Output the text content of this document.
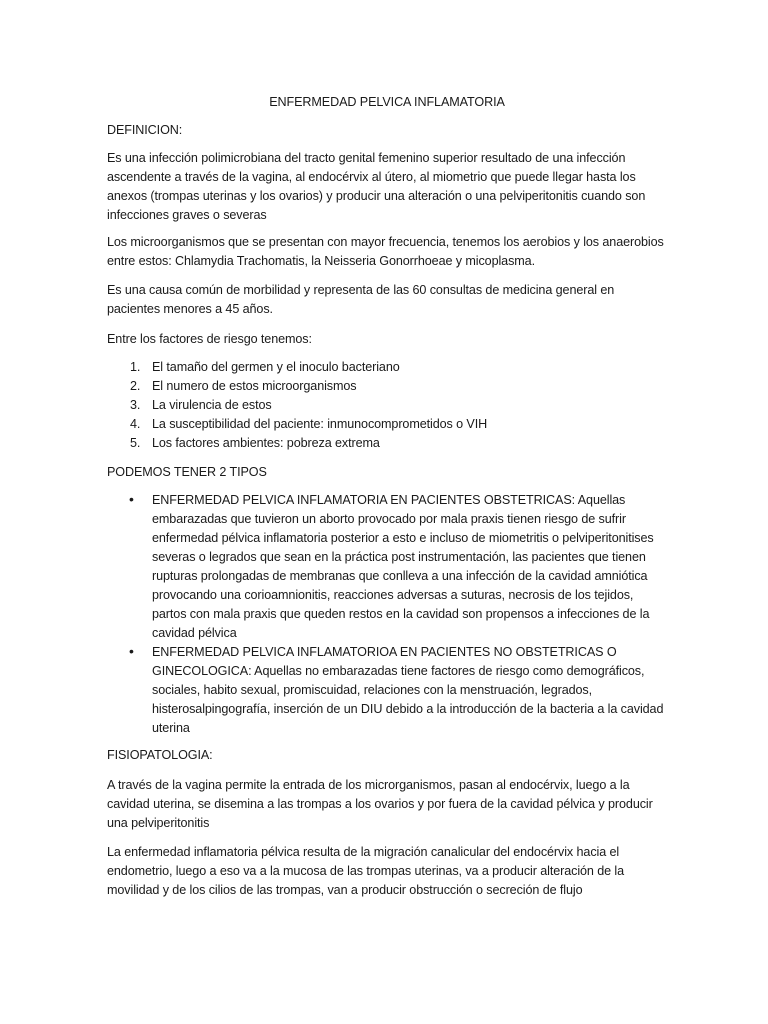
ENFERMEDAD PELVICA INFLAMATORIA

DEFINICION:

Es una infección polimicrobiana del tracto genital femenino superior resultado de una infección ascendente a través de la vagina, al endocérvix al útero, al miometrio que puede llegar hasta los anexos (trompas uterinas y los ovarios) y producir una alteración o una pelviperitonitis cuando son infecciones graves o severas

Los microorganismos que se presentan con mayor frecuencia, tenemos los aerobios y los anaerobios entre estos: Chlamydia Trachomatis, la Neisseria Gonorrhoeae y micoplasma.

Es una causa común de morbilidad y representa de las 60 consultas de medicina general en pacientes menores a 45 años.

Entre los factores de riesgo tenemos:

1. El tamaño del germen y el inoculo bacteriano
2. El numero de estos microorganismos
3. La virulencia de estos
4. La susceptibilidad del paciente: inmunocomprometidos o VIH
5. Los factores ambientes: pobreza extrema

PODEMOS TENER 2 TIPOS

•	ENFERMEDAD PELVICA INFLAMATORIA EN PACIENTES OBSTETRICAS: Aquellas embarazadas que tuvieron un aborto provocado por mala praxis tienen riesgo de sufrir enfermedad pélvica inflamatoria posterior a esto e incluso de miometritis o pelviperitonitises severas o legrados que sean en la práctica post instrumentación, las pacientes que tienen rupturas prolongadas de membranas que conlleva a una infección de la cavidad amniótica provocando una corioamnionitis, reacciones adversas a suturas, necrosis de los tejidos, partos con mala praxis que queden restos en la cavidad son propensos a infecciones de la cavidad pélvica
•	ENFERMEDAD PELVICA INFLAMATORIOA EN PACIENTES NO OBSTETRICAS O GINECOLOGICA: Aquellas no embarazadas tiene factores de riesgo como demográficos, sociales, habito sexual, promiscuidad, relaciones con la menstruación, legrados, histerosalpingografía, inserción de un DIU debido a la introducción de la bacteria a la cavidad uterina

FISIOPATOLOGIA:

A través de la vagina permite la entrada de los microrganismos, pasan al endocérvix, luego a la cavidad uterina, se disemina a las trompas a los ovarios y por fuera de la cavidad pélvica y producir una pelviperitonitis

La enfermedad inflamatoria pélvica resulta de la migración canalicular del endocérvix hacia el endometrio, luego a eso va a la mucosa de las trompas uterinas, va a producir alteración de la movilidad y de los cilios de las trompas, van a producir obstrucción o secreción de flujo
